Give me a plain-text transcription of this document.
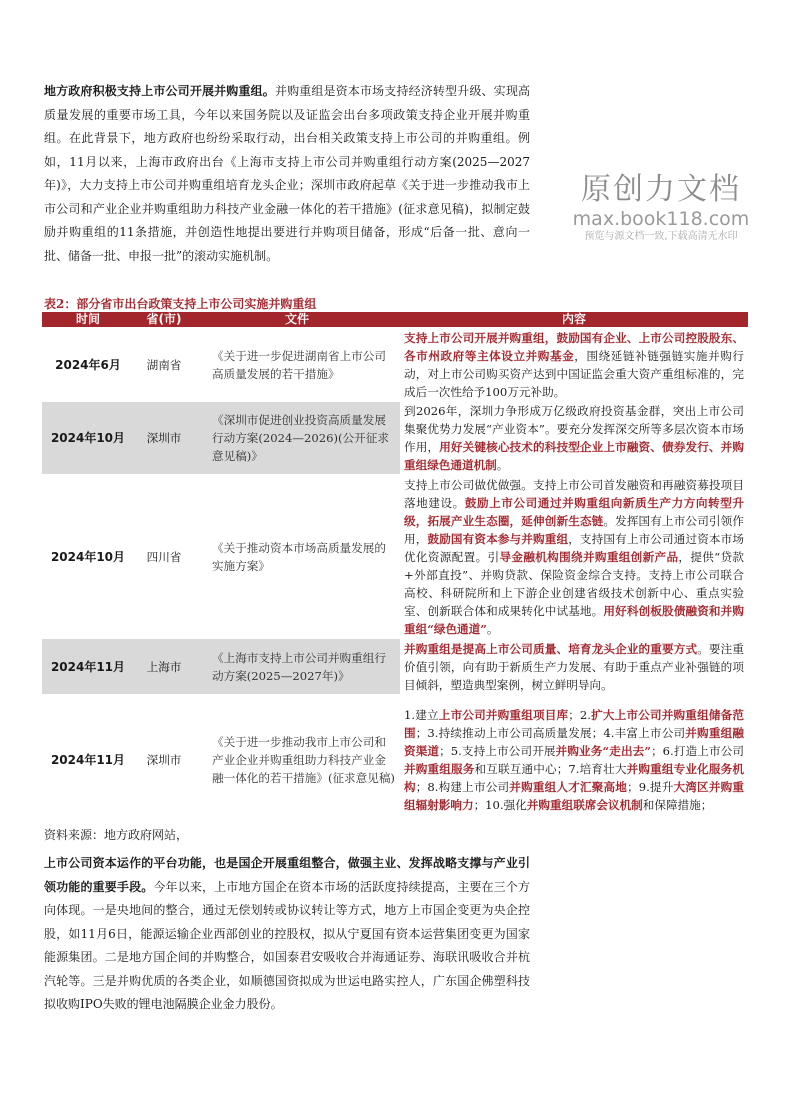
地方政府积极支持上市公司开展并购重组。并购重组是资本市场支持经济转型升级、实现高质量发展的重要市场工具，今年以来国务院以及证监会出台多项政策支持企业开展并购重组。在此背景下，地方政府也纷纷采取行动，出台相关政策支持上市公司的并购重组。例如，11月以来，上海市政府出台《上海市支持上市公司并购重组行动方案(2025—2027年)》，大力支持上市公司并购重组培育龙头企业；深圳市政府起草《关于进一步推动我市上市公司和产业企业并购重组助力科技产业金融一体化的若干措施》(征求意见稿)，拟制定鼓励并购重组的11条措施，并创造性地提出要进行并购项目储备，形成“后备一批、意向一批、储备一批、申报一批”的滚动实施机制。
原创力文档
max.book118.com
预览与源文档一致,下载高清无水印
表2：部分省市出台政策支持上市公司实施并购重组
时间	省(市)	文件	内容
2024年6月	湖南省	《关于进一步促进湖南省上市公司高质量发展的若干措施》	支持上市公司开展并购重组，鼓励国有企业、上市公司控股股东、各市州政府等主体设立并购基金，围绕延链补链强链实施并购行动，对上市公司购买资产达到中国证监会重大资产重组标准的，完成后一次性给予100万元补助。
2024年10月	深圳市	《深圳市促进创业投资高质量发展行动方案(2024—2026)(公开征求意见稿)》	到2026年，深圳力争形成万亿级政府投资基金群，突出上市公司集聚优势力发展“产业资本”。要充分发挥深交所等多层次资本市场作用，用好关键核心技术的科技型企业上市融资、债券发行、并购重组绿色通道机制。
2024年10月	四川省	《关于推动资本市场高质量发展的实施方案》	支持上市公司做优做强。支持上市公司首发融资和再融资募投项目落地建设。鼓励上市公司通过并购重组向新质生产力方向转型升级，拓展产业生态圈，延伸创新生态链。发挥国有上市公司引领作用，鼓励国有资本参与并购重组，支持国有上市公司通过资本市场优化资源配置。引导金融机构围绕并购重组创新产品，提供“贷款+外部直投”、并购贷款、保险资金综合支持。支持上市公司联合高校、科研院所和上下游企业创建省级技术创新中心、重点实验室、创新联合体和成果转化中试基地。用好科创板股债融资和并购重组“绿色通道”。
2024年11月	上海市	《上海市支持上市公司并购重组行动方案(2025—2027年)》	并购重组是提高上市公司质量、培育龙头企业的重要方式。要注重价值引领，向有助于新质生产力发展、有助于重点产业补强链的项目倾斜，塑造典型案例，树立鲜明导向。
2024年11月	深圳市	《关于进一步推动我市上市公司和产业企业并购重组助力科技产业金融一体化的若干措施》(征求意见稿)	1.建立上市公司并购重组项目库；2.扩大上市公司并购重组储备范围；3.持续推动上市公司高质量发展；4.丰富上市公司并购重组融资渠道；5.支持上市公司开展并购业务“走出去”；6.打造上市公司并购重组服务和互联互通中心；7.培育壮大并购重组专业化服务机构；8.构建上市公司并购重组人才汇聚高地；9.提升大湾区并购重组辐射影响力；10.强化并购重组联席会议机制和保障措施；
资料来源：地方政府网站，
上市公司资本运作的平台功能，也是国企开展重组整合，做强主业、发挥战略支撑与产业引领功能的重要手段。今年以来，上市地方国企在资本市场的活跃度持续提高，主要在三个方向体现。一是央地间的整合，通过无偿划转或协议转让等方式，地方上市国企变更为央企控股，如11月6日，能源运输企业西部创业的控股权，拟从宁夏国有资本运营集团变更为国家能源集团。二是地方国企间的并购整合，如国泰君安吸收合并海通证券、海联讯吸收合并杭汽轮等。三是并购优质的各类企业，如顺德国资拟成为世运电路实控人，广东国企佛塑科技拟收购IPO失败的锂电池隔膜企业金力股份。
